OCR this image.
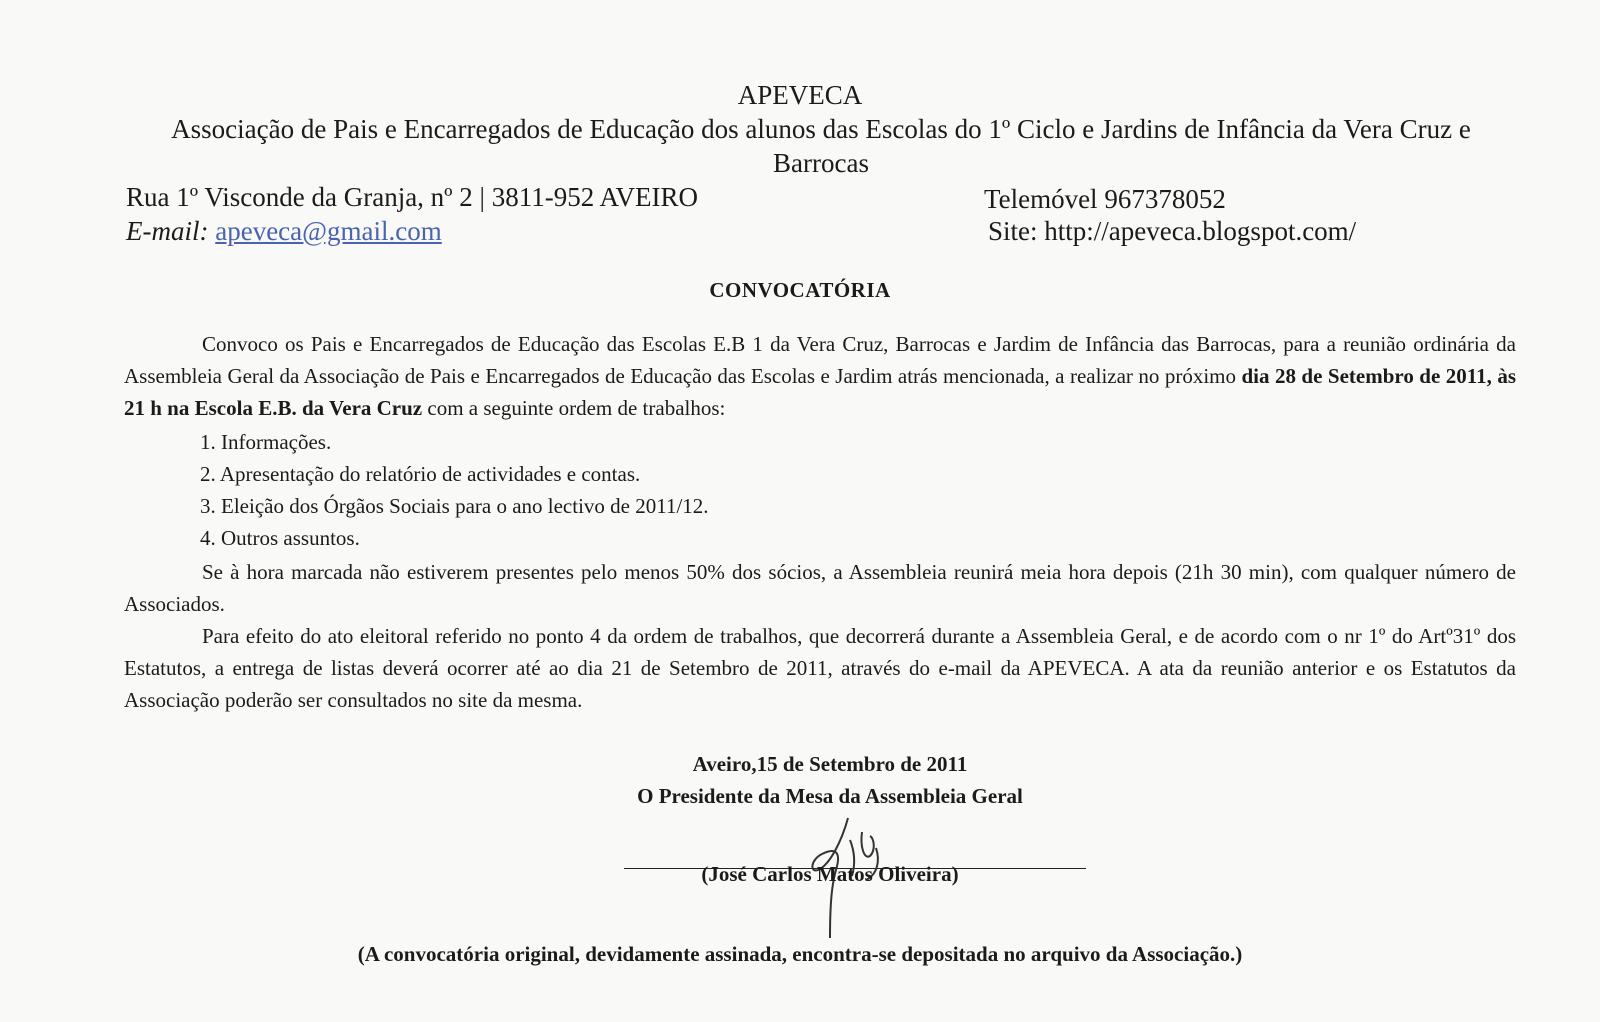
APEVECA
Associação de Pais e Encarregados de Educação dos alunos das Escolas do 1º Ciclo e Jardins de Infância da Vera Cruz e Barrocas
Rua 1º Visconde da Granja, nº 2 | 3811-952 AVEIRO	Telemóvel 967378052
E-mail: apeveca@gmail.com	Site: http://apeveca.blogspot.com/
CONVOCATÓRIA

Convoco os Pais e Encarregados de Educação das Escolas E.B 1 da Vera Cruz, Barrocas e Jardim de Infância das Barrocas, para a reunião ordinária da Assembleia Geral da Associação de Pais e Encarregados de Educação das Escolas e Jardim atrás mencionada, a realizar no próximo dia 28 de Setembro de 2011, às 21 h na Escola E.B. da Vera Cruz com a seguinte ordem de trabalhos:

1. Informações.
2. Apresentação do relatório de actividades e contas.
3. Eleição dos Órgãos Sociais para o ano lectivo de 2011/12.
4. Outros assuntos.

Se à hora marcada não estiverem presentes pelo menos 50% dos sócios, a Assembleia reunirá meia hora depois (21h 30 min), com qualquer número de Associados.

Para efeito do ato eleitoral referido no ponto 4 da ordem de trabalhos, que decorrerá durante a Assembleia Geral, e de acordo com o nr 1º do Artº31º dos Estatutos, a entrega de listas deverá ocorrer até ao dia 21 de Setembro de 2011, através do e-mail da APEVECA. A ata da reunião anterior e os Estatutos da Associação poderão ser consultados no site da mesma.

Aveiro,15 de Setembro de 2011
O Presidente da Mesa da Assembleia Geral
(José Carlos Matos Oliveira)
(A convocatória original, devidamente assinada, encontra-se depositada no arquivo da Associação.)
